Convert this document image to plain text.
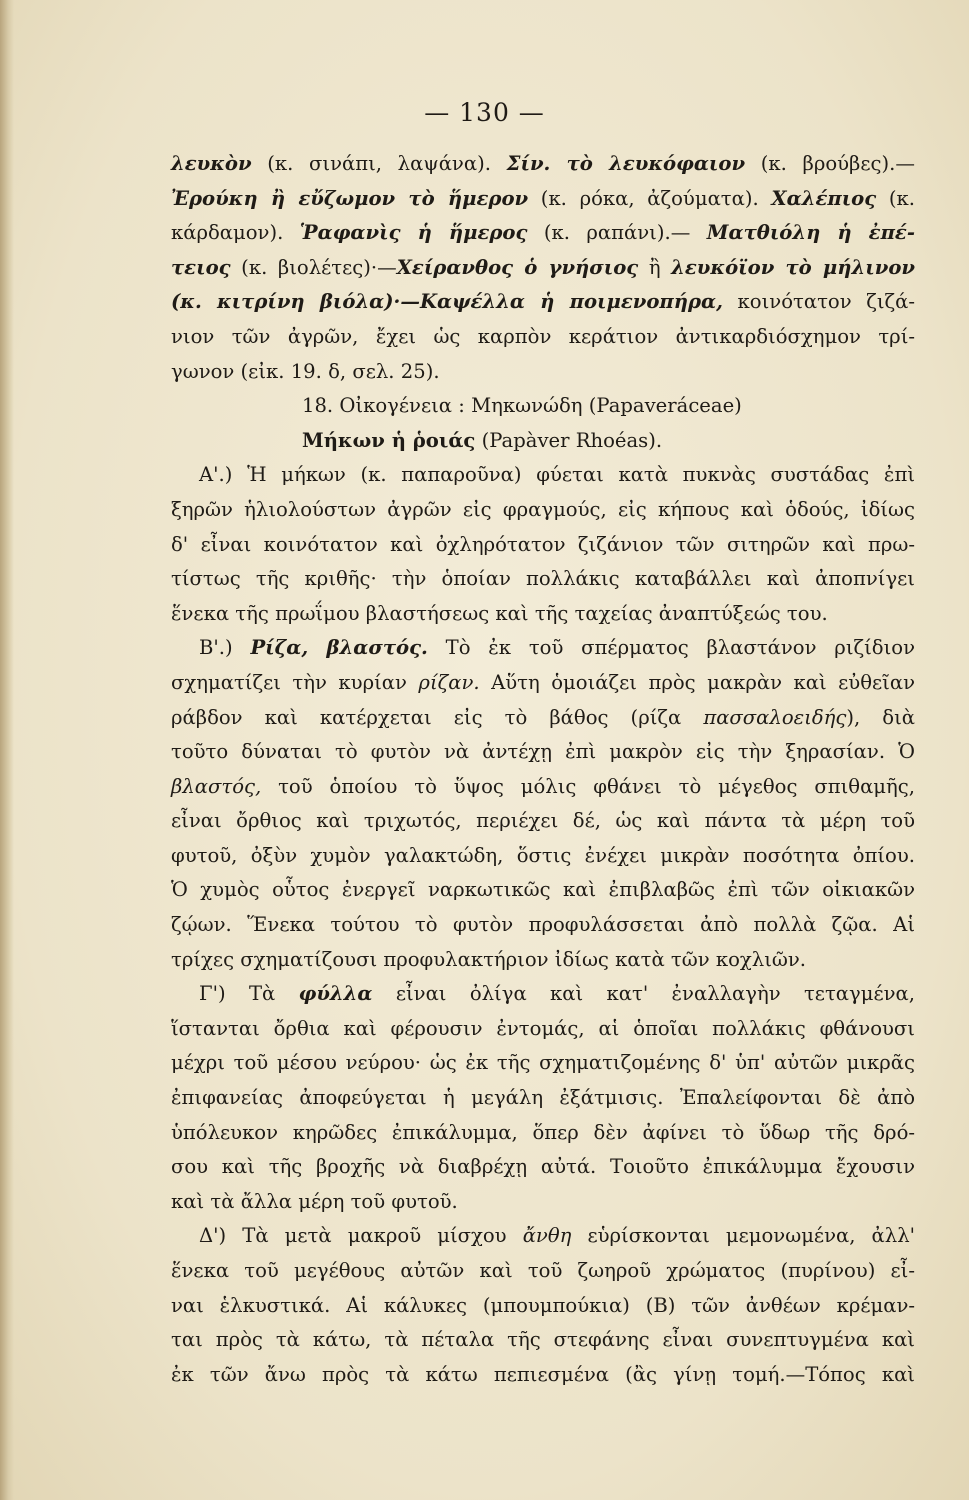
— 130 —
λευκὸν (κ. σινάπι, λαψάνα). Σίν. τὸ λευκόφαιον (κ. βρούβες).—
Ἐρούκη ἢ εὔζωμον τὸ ἥμερον (κ. ρόκα, ἀζούματα). Χαλέπιος (κ.
κάρδαμον). Ῥαφανὶς ἡ ἥμερος (κ. ραπάνι).— Ματθιόλη ἡ ἐπέ-
τειος (κ. βιολέτες)·—Χείρανθος ὁ γνήσιος ἢ λευκόϊον τὸ μήλινον
(κ. κιτρίνη βιόλα)·—Καψέλλα ἡ ποιμενοπήρα, κοινότατον ζιζά-
νιον τῶν ἀγρῶν, ἔχει ὡς καρπὸν κεράτιον ἀντικαρδιόσχημον τρί-
γωνον (εἰκ. 19. δ, σελ. 25).
18. Οἰκογένεια : Μηκωνώδη (Papaveráceae)
Μήκων ἡ ῥοιάς (Papàver Rhoéas).
Α'.) Ἡ μήκων (κ. παπαροῦνα) φύεται κατὰ πυκνὰς συστάδας ἐπὶ
ξηρῶν ἡλιολούστων ἀγρῶν εἰς φραγμούς, εἰς κήπους καὶ ὁδούς, ἰδίως
δ' εἶναι κοινότατον καὶ ὀχληρότατον ζιζάνιον τῶν σιτηρῶν καὶ πρω-
τίστως τῆς κριθῆς· τὴν ὁποίαν πολλάκις καταβάλλει καὶ ἀποπνίγει
ἕνεκα τῆς πρωΐμου βλαστήσεως καὶ τῆς ταχείας ἀναπτύξεώς του.
Β'.) Ρίζα, βλαστός. Τὸ ἐκ τοῦ σπέρματος βλαστάνον ριζίδιον
σχηματίζει τὴν κυρίαν ρίζαν. Αὕτη ὁμοιάζει πρὸς μακρὰν καὶ εὐθεῖαν
ράβδον καὶ κατέρχεται εἰς τὸ βάθος (ρίζα πασσαλοειδής), διὰ
τοῦτο δύναται τὸ φυτὸν νὰ ἀντέχῃ ἐπὶ μακρὸν εἰς τὴν ξηρασίαν. Ὁ
βλαστός, τοῦ ὁποίου τὸ ὕψος μόλις φθάνει τὸ μέγεθος σπιθαμῆς,
εἶναι ὄρθιος καὶ τριχωτός, περιέχει δέ, ὡς καὶ πάντα τὰ μέρη τοῦ
φυτοῦ, ὀξὺν χυμὸν γαλακτώδη, ὅστις ἐνέχει μικρὰν ποσότητα ὀπίου.
Ὁ χυμὸς οὗτος ἐνεργεῖ ναρκωτικῶς καὶ ἐπιβλαβῶς ἐπὶ τῶν οἰκιακῶν
ζῴων. Ἕνεκα τούτου τὸ φυτὸν προφυλάσσεται ἀπὸ πολλὰ ζῷα. Αἱ
τρίχες σχηματίζουσι προφυλακτήριον ἰδίως κατὰ τῶν κοχλιῶν.
Γ') Τὰ φύλλα εἶναι ὀλίγα καὶ κατ' ἐναλλαγὴν τεταγμένα,
ἵστανται ὄρθια καὶ φέρουσιν ἐντομάς, αἱ ὁποῖαι πολλάκις φθάνουσι
μέχρι τοῦ μέσου νεύρου· ὡς ἐκ τῆς σχηματιζομένης δ' ὑπ' αὐτῶν μικρᾶς
ἐπιφανείας ἀποφεύγεται ἡ μεγάλη ἐξάτμισις. Ἐπαλείφονται δὲ ἀπὸ
ὑπόλευκον κηρῶδες ἐπικάλυμμα, ὅπερ δὲν ἀφίνει τὸ ὕδωρ τῆς δρό-
σου καὶ τῆς βροχῆς νὰ διαβρέχῃ αὐτά. Τοιοῦτο ἐπικάλυμμα ἔχουσιν
καὶ τὰ ἄλλα μέρη τοῦ φυτοῦ.
Δ') Τὰ μετὰ μακροῦ μίσχου ἄνθη εὑρίσκονται μεμονωμένα, ἀλλ'
ἕνεκα τοῦ μεγέθους αὐτῶν καὶ τοῦ ζωηροῦ χρώματος (πυρίνου) εἶ-
ναι ἑλκυστικά. Αἱ κάλυκες (μπουμπούκια) (Β) τῶν ἀνθέων κρέμαν-
ται πρὸς τὰ κάτω, τὰ πέταλα τῆς στεφάνης εἶναι συνεπτυγμένα καὶ
ἐκ τῶν ἄνω πρὸς τὰ κάτω πεπιεσμένα (ἂς γίνῃ τομή.—Τόπος καὶ
